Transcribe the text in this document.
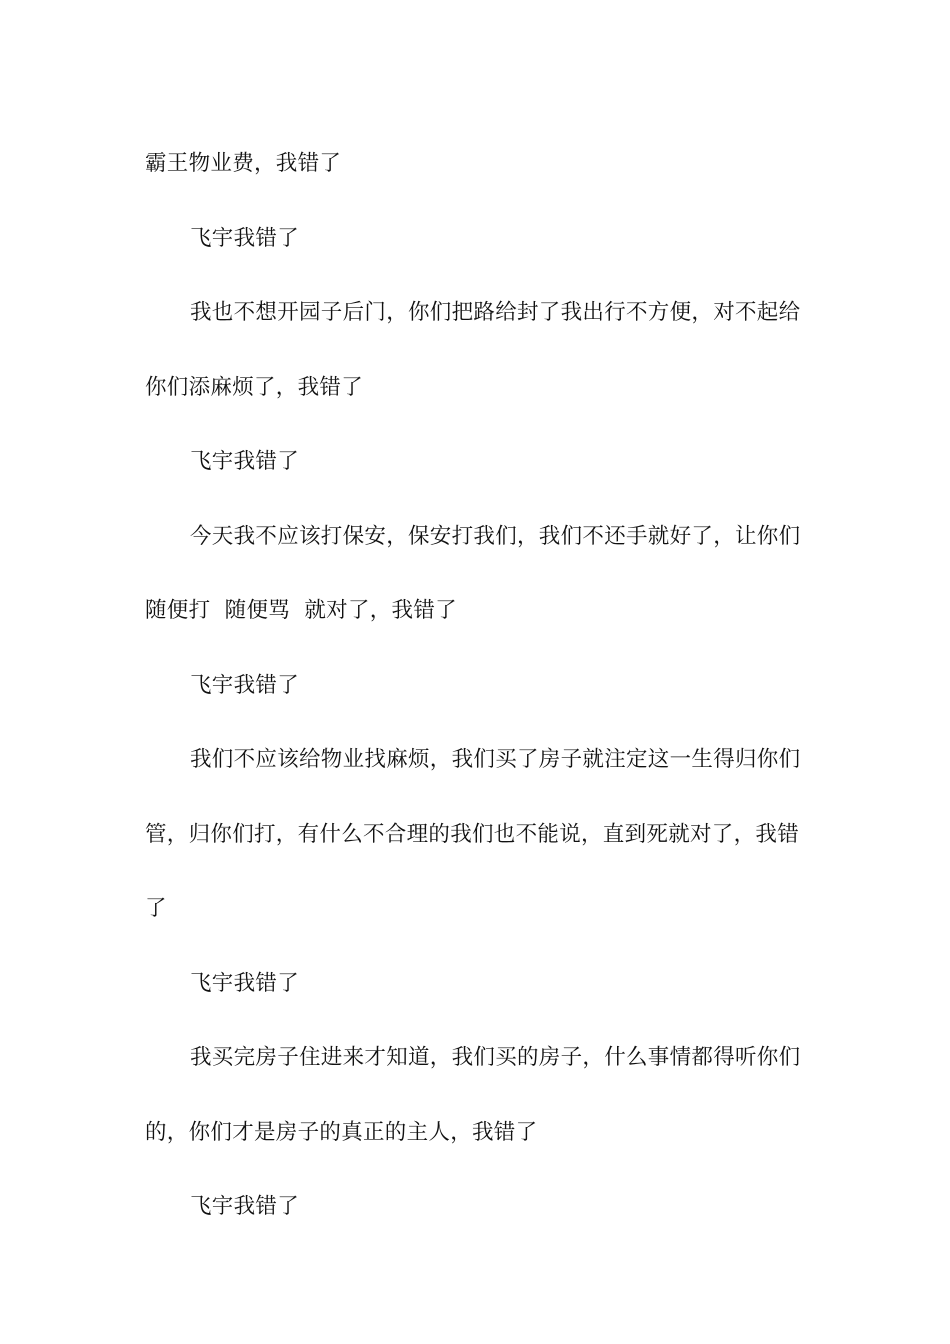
霸王物业费，我错了

飞宇我错了

我也不想开园子后门，你们把路给封了我出行不方便，对不起给你们添麻烦了，我错了

飞宇我错了

今天我不应该打保安，保安打我们，我们不还手就好了，让你们随便打  随便骂  就对了，我错了

飞宇我错了

我们不应该给物业找麻烦，我们买了房子就注定这一生得归你们管，归你们打，有什么不合理的我们也不能说，直到死就对了，我错了

飞宇我错了

我买完房子住进来才知道，我们买的房子，什么事情都得听你们的，你们才是房子的真正的主人，我错了

飞宇我错了
